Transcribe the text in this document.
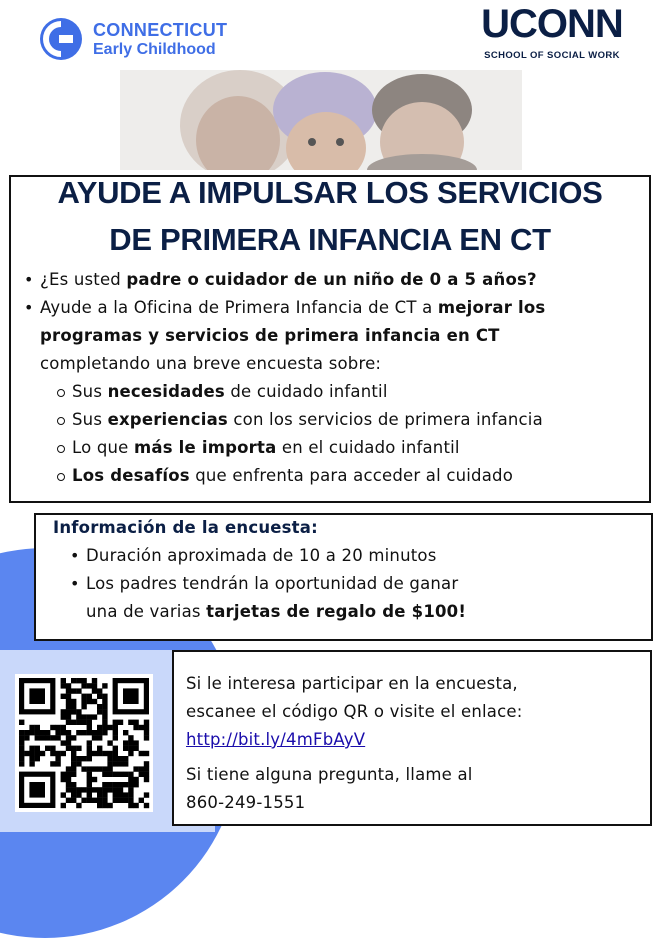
CONNECTICUT
Early Childhood
UCONN
SCHOOL OF SOCIAL WORK
AYUDE A IMPULSAR LOS SERVICIOS
DE PRIMERA INFANCIA EN CT
• ¿Es usted padre o cuidador de un niño de 0 a 5 años?
• Ayude a la Oficina de Primera Infancia de CT a mejorar los
programas y servicios de primera infancia en CT
completando una breve encuesta sobre:
Sus necesidades de cuidado infantil
Sus experiencias con los servicios de primera infancia
Lo que más le importa en el cuidado infantil
Los desafíos que enfrenta para acceder al cuidado
Información de la encuesta:
• Duración aproximada de 10 a 20 minutos
• Los padres tendrán la oportunidad de ganar
una de varias tarjetas de regalo de $100!
Si le interesa participar en la encuesta,
escanee el código QR o visite el enlace:
http://bit.ly/4mFbAyV
Si tiene alguna pregunta, llame al
860-249-1551
